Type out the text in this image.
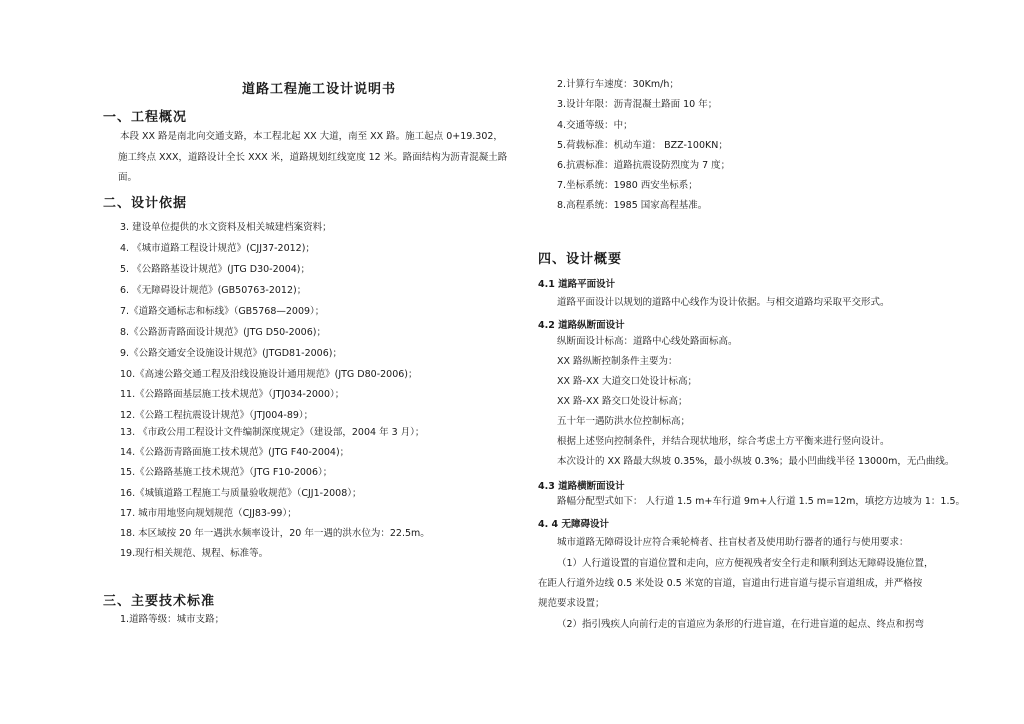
道路工程施工设计说明书
一、工程概况
本段 XX 路是南北向交通支路，本工程北起 XX 大道，南至 XX 路。施工起点 0+19.302，
施工终点 XXX，道路设计全长 XXX 米，道路规划红线宽度 12 米。路面结构为沥青混凝土路
面。
二、设计依据
3. 建设单位提供的水文资料及相关城建档案资料；
4. 《城市道路工程设计规范》(CJJ37-2012)；
5. 《公路路基设计规范》(JTG D30-2004)；
6. 《无障碍设计规范》(GB50763-2012)；
7.《道路交通标志和标线》（GB5768—2009）；
8.《公路沥青路面设计规范》(JTG D50-2006)；
9.《公路交通安全设施设计规范》(JTGD81-2006)；
10.《高速公路交通工程及沿线设施设计通用规范》(JTG D80-2006)；
11.《公路路面基层施工技术规范》（JTJ034-2000）；
12.《公路工程抗震设计规范》（JTJ004-89）；
13. 《市政公用工程设计文件编制深度规定》（建设部，2004 年 3 月）；
14.《公路沥青路面施工技术规范》(JTG F40-2004)；
15.《公路路基施工技术规范》（JTG F10-2006）；
16.《城镇道路工程施工与质量验收规范》（CJJ1-2008）；
17. 城市用地竖向规划规范（CJJ83-99）；
18. 本区域按 20 年一遇洪水频率设计，20 年一遇的洪水位为：22.5m。
19.现行相关规范、规程、标准等。
三、主要技术标准
1.道路等级：城市支路；
2.计算行车速度：30Km/h；
3.设计年限：沥青混凝土路面 10 年；
4.交通等级：中；
5.荷载标准：机动车道： BZZ-100KN；
6.抗震标准：道路抗震设防烈度为 7 度；
7.坐标系统：1980 西安坐标系；
8.高程系统：1985 国家高程基准。
四、设计概要
4.1 道路平面设计
道路平面设计以规划的道路中心线作为设计依据。与相交道路均采取平交形式。
4.2 道路纵断面设计
纵断面设计标高：道路中心线处路面标高。
XX 路纵断控制条件主要为：
XX 路-XX 大道交口处设计标高；
XX 路-XX 路交口处设计标高；
五十年一遇防洪水位控制标高；
根据上述竖向控制条件，并结合现状地形，综合考虑土方平衡来进行竖向设计。
本次设计的 XX 路最大纵坡 0.35%，最小纵坡 0.3%；最小凹曲线半径 13000m，无凸曲线。
4.3 道路横断面设计
路幅分配型式如下： 人行道 1.5 m+车行道 9m+人行道 1.5 m=12m，填挖方边坡为 1：1.5。
4. 4 无障碍设计
城市道路无障碍设计应符合乘轮椅者、拄盲杖者及使用助行器者的通行与使用要求：
（1）人行道设置的盲道位置和走向，应方便视残者安全行走和顺利到达无障碍设施位置，
在距人行道外边线 0.5 米处设 0.5 米宽的盲道，盲道由行进盲道与提示盲道组成，并严格按
规范要求设置；
（2）指引残疾人向前行走的盲道应为条形的行进盲道，在行进盲道的起点、终点和拐弯
